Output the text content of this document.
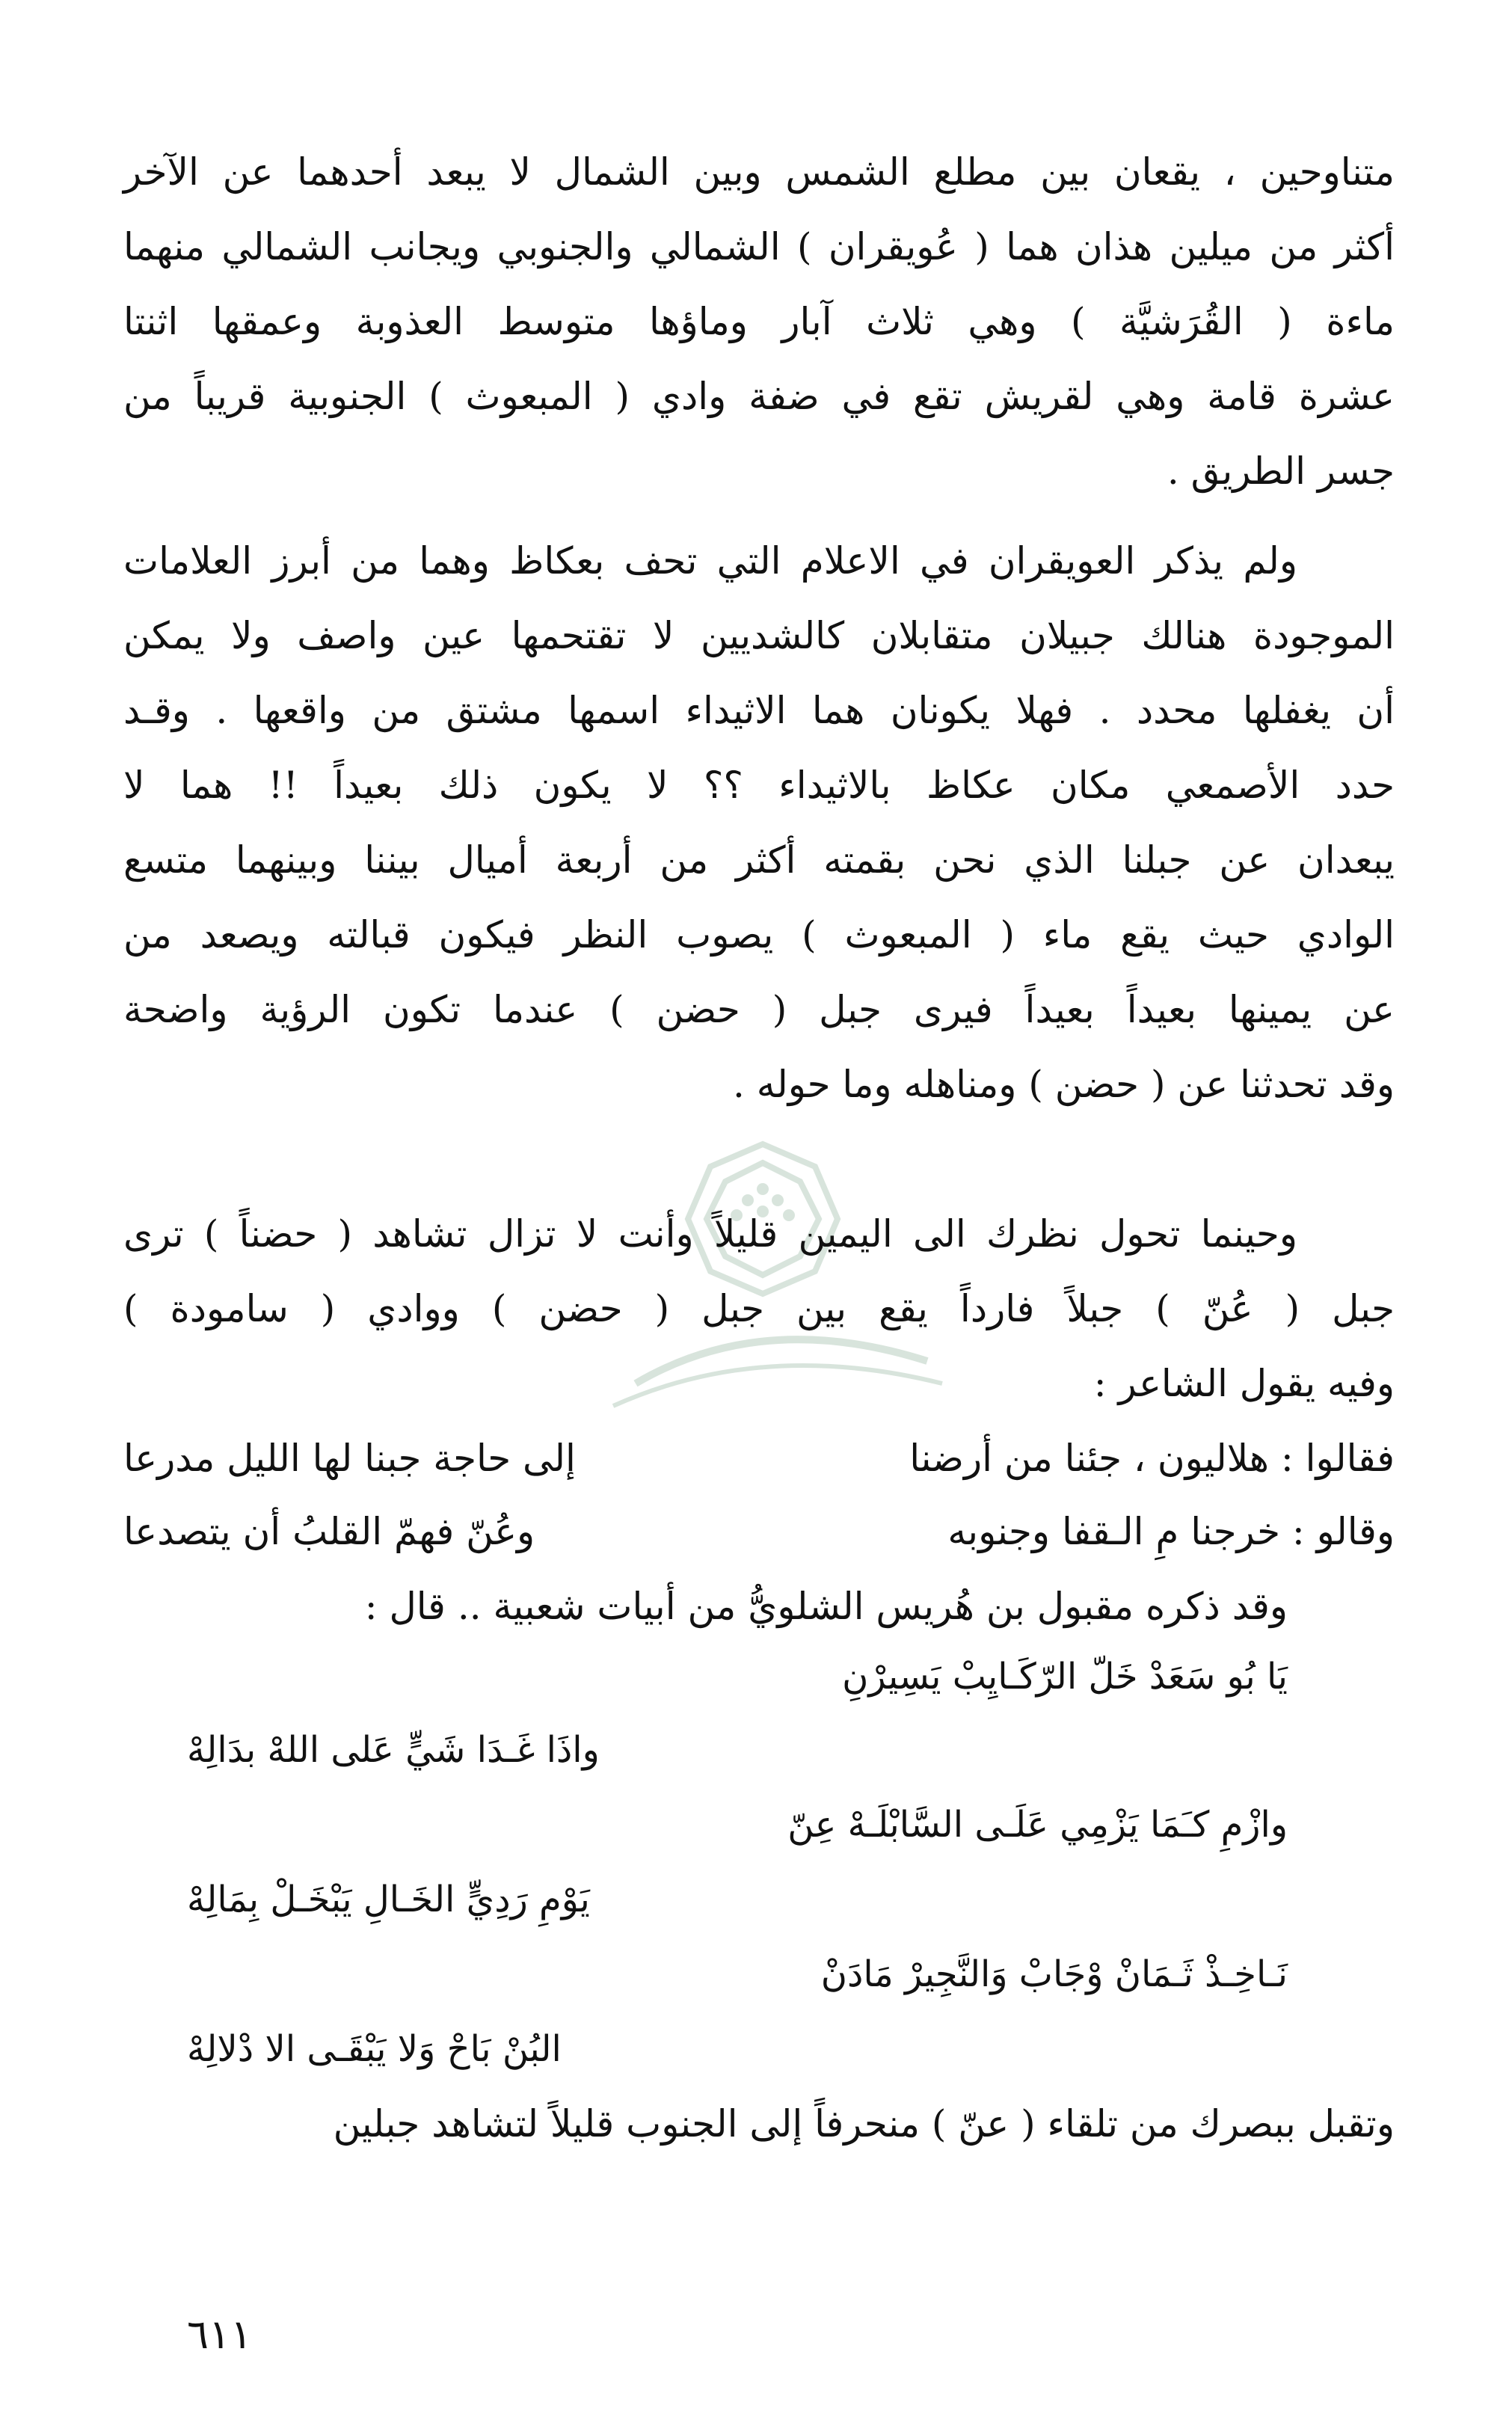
متناوحين ، يقعان بين مطلع الشمس وبين الشمال لا يبعد أحدهما عن الآخر
أكثر من ميلين هذان هما ( عُويقران ) الشمالي والجنوبي ويجانب الشمالي منهما
ماءة ( القُرَشيَّة ) وهي ثلاث آبار وماؤها متوسط العذوبة وعمقها اثنتا
عشرة قامة وهي لقريش تقع في ضفة وادي ( المبعوث ) الجنوبية قريباً من
جسر الطريق .
ولم يذكر العويقران في الاعلام التي تحف بعكاظ وهما من أبرز العلامات
الموجودة هنالك جبيلان متقابلان كالشديين لا تقتحمها عين واصف ولا يمكن
أن يغفلها محدد . فهلا يكونان هما الاثيداء اسمها مشتق من واقعها . وقـد
حدد الأصمعي مكان عكاظ بالاثيداء ؟؟ لا يكون ذلك بعيداً !! هما لا
يبعدان عن جبلنا الذي نحن بقمته أكثر من أربعة أميال بيننا وبينهما متسع
الوادي حيث يقع ماء ( المبعوث ) يصوب النظر فيكون قبالته ويصعد من
عن يمينها بعيداً بعيداً فيرى جبل ( حضن ) عندما تكون الرؤية واضحة
وقد تحدثنا عن ( حضن ) ومناهله وما حوله .
وحينما تحول نظرك الى اليمين قليلاً وأنت لا تزال تشاهد ( حضناً ) ترى
جبل ( عُنّ ) جبلاً فارداً يقع بين جبل ( حضن ) ووادي ( سامودة )
وفيه يقول الشاعر :
فقالوا : هلاليون ، جئنا من أرضنا
إلى حاجة جبنا لها الليل مدرعا
وقالو : خرجنا مِ الـقفا وجنوبه
وعُنّ فهمّ القلبُ أن يتصدعا
وقد ذكره مقبول بن هُريس الشلويُّ من أبيات شعبية .. قال :
يَا بُو سَعَدْ خَلّ الرّكَـايِبْ يَسِيرْنِ
واذَا غَـدَا شَيٍّ عَلى اللهْ بدَالِهْ
وازْمِ كـَمَا يَزْمِي عَلَـى السَّابْلَـهْ عِنّ
يَوْمِ رَدِيٍّ الخَـالِ يَبْخَـلْ بِمَالِهْ
نَـاخِـذْ ثَـمَانْ وْجَابْ وَالنَّجِيرْ مَادَنْ
البُنْ بَاحْ وَلا يَبْقَـى الا دْلالِهْ
وتقبل ببصرك من تلقاء ( عنّ ) منحرفاً إلى الجنوب قليلاً لتشاهد جبلين
٦١١
